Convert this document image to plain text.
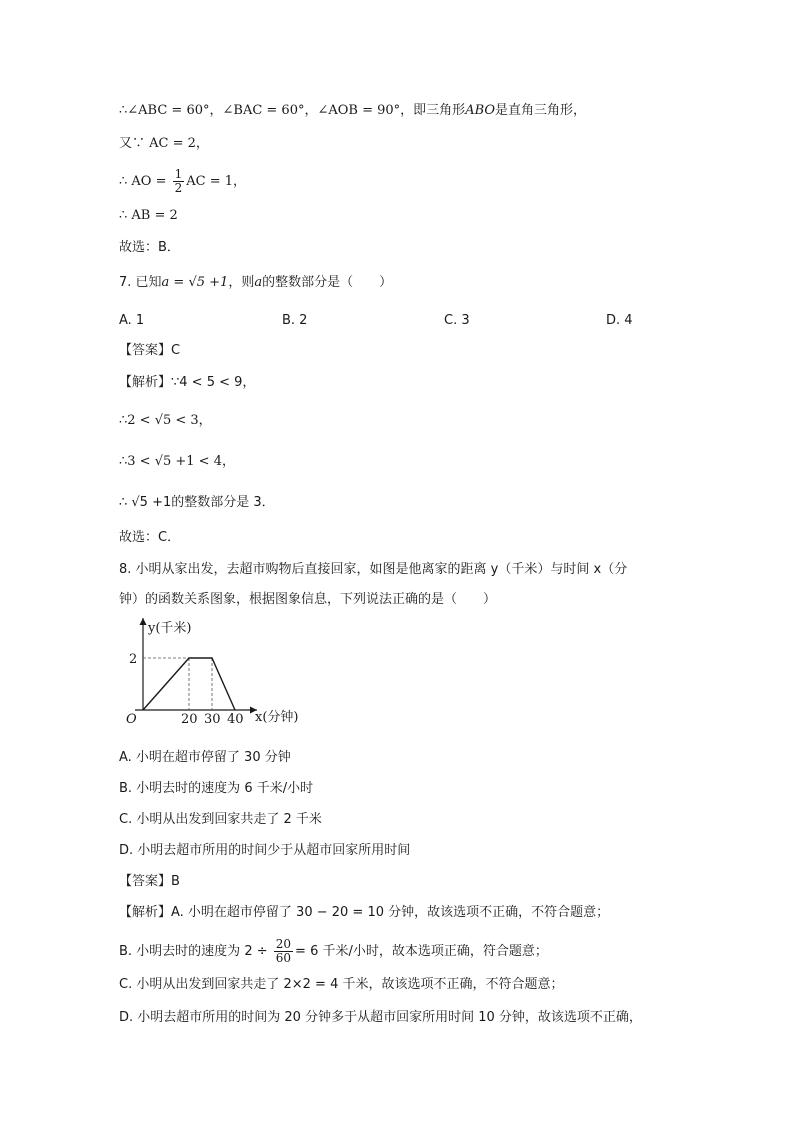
∴∠ABC = 60°，∠BAC = 60°，∠AOB = 90°，即三角形ABO是直角三角形，
又∵ AC = 2，
∴ AO = $\frac{1}{2}$ AC = 1，
∴ AB = 2
故选：B．
7. 已知a = √5 +1，则a的整数部分是（　　）
A. 1	B. 2	C. 3	D. 4
【答案】C
【解析】∵4 < 5 < 9，
∴2 < √5 < 3，
∴3 < √5 +1 < 4，
∴ √5 +1的整数部分是 3．
故选：C．
8. 小明从家出发，去超市购物后直接回家，如图是他离家的距离 y（千米）与时间 x（分
钟）的函数关系图象，根据图象信息，下列说法正确的是（　　）
y(千米)
x(分钟)
O
2
20 30 40
A. 小明在超市停留了 30 分钟
B. 小明去时的速度为 6 千米/小时
C. 小明从出发到回家共走了 2 千米
D. 小明去超市所用的时间少于从超市回家所用时间
【答案】B
【解析】A. 小明在超市停留了 30 − 20 = 10 分钟，故该选项不正确，不符合题意；
B. 小明去时的速度为 $2 \div \frac{20}{60} = 6$ 千米/小时，故本选项正确，符合题意；
C. 小明从出发到回家共走了 2×2 = 4 千米，故该选项不正确，不符合题意；
D. 小明去超市所用的时间为 20 分钟多于从超市回家所用时间 10 分钟，故该选项不正确，
